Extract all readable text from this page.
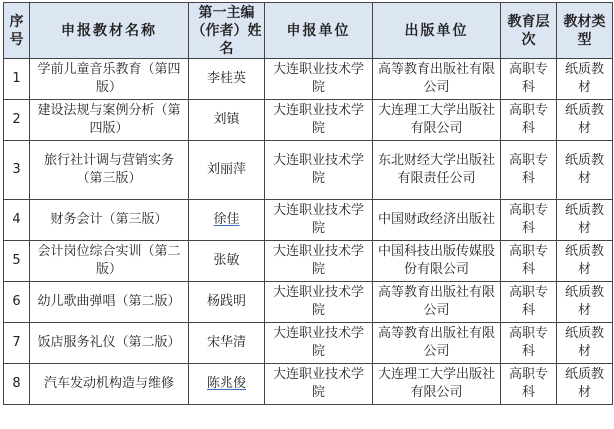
序号	申报教材名称	第一主编（作者）姓名	申报单位	出版单位	教育层次	教材类型
1	学前儿童音乐教育（第四版）	李桂英	大连职业技术学院	高等教育出版社有限公司	高职专科	纸质教材
2	建设法规与案例分析（第四版）	刘镇	大连职业技术学院	大连理工大学出版社有限公司	高职专科	纸质教材
3	旅行社计调与营销实务（第三版）	刘丽萍	大连职业技术学院	东北财经大学出版社有限责任公司	高职专科	纸质教材
4	财务会计（第三版）	徐佳	大连职业技术学院	中国财政经济出版社	高职专科	纸质教材
5	会计岗位综合实训（第二版）	张敏	大连职业技术学院	中国科技出版传媒股份有限公司	高职专科	纸质教材
6	幼儿歌曲弹唱（第二版）	杨践明	大连职业技术学院	高等教育出版社有限公司	高职专科	纸质教材
7	饭店服务礼仪（第二版）	宋华清	大连职业技术学院	高等教育出版社有限公司	高职专科	纸质教材
8	汽车发动机构造与维修	陈兆俊	大连职业技术学院	大连理工大学出版社有限公司	高职专科	纸质教材
